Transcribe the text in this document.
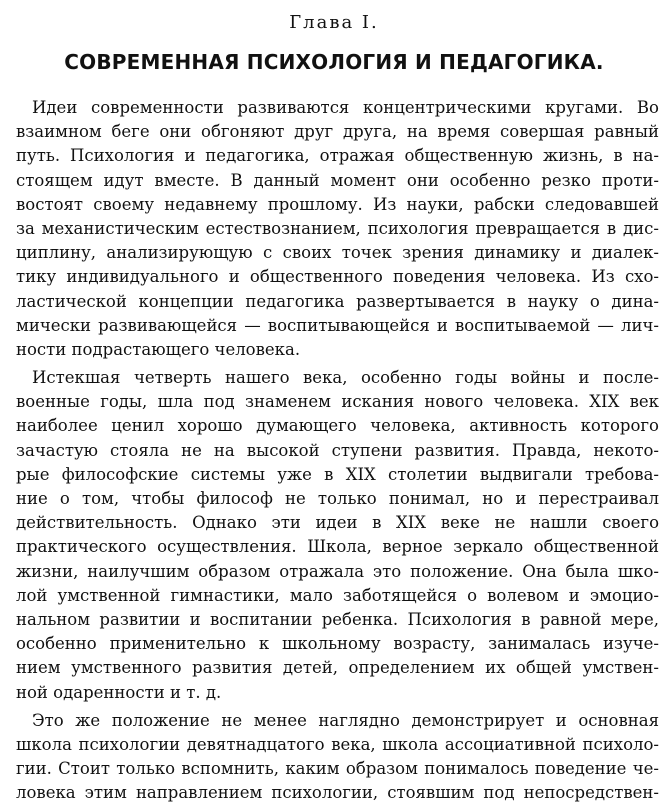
Глава I.
СОВРЕМЕННАЯ ПСИХОЛОГИЯ И ПЕДАГОГИКА.
Идеи современности развиваются концентрическими кругами. Во
взаимном беге они обгоняют друг друга, на время совершая равный
путь. Психология и педагогика, отражая общественную жизнь, в на-
стоящем идут вместе. В данный момент они особенно резко проти-
востоят своему недавнему прошлому. Из науки, рабски следовавшей
за механистическим естествознанием, психология превращается в дис-
циплину, анализирующую с своих точек зрения динамику и диалек-
тику индивидуального и общественного поведения человека. Из схо-
ластической концепции педагогика развертывается в науку о дина-
мически развивающейся — воспитывающейся и воспитываемой — лич-
ности подрастающего человека.
Истекшая четверть нашего века, особенно годы войны и после-
военные годы, шла под знаменем искания нового человека. XIX век
наиболее ценил хорошо думающего человека, активность которого
зачастую стояла не на высокой ступени развития. Правда, некото-
рые философские системы уже в XIX столетии выдвигали требова-
ние о том, чтобы философ не только понимал, но и перестраивал
действительность. Однако эти идеи в XIX веке не нашли своего
практического осуществления. Школа, верное зеркало общественной
жизни, наилучшим образом отражала это положение. Она была шко-
лой умственной гимнастики, мало заботящейся о волевом и эмоцио-
нальном развитии и воспитании ребенка. Психология в равной мере,
особенно применительно к школьному возрасту, занималась изуче-
нием умственного развития детей, определением их общей умствен-
ной одаренности и т. д.
Это же положение не менее наглядно демонстрирует и основная
школа психологии девятнадцатого века, школа ассоциативной психоло-
гии. Стоит только вспомнить, каким образом понималось поведение че-
ловека этим направлением психологии, стоявшим под непосредствен-
